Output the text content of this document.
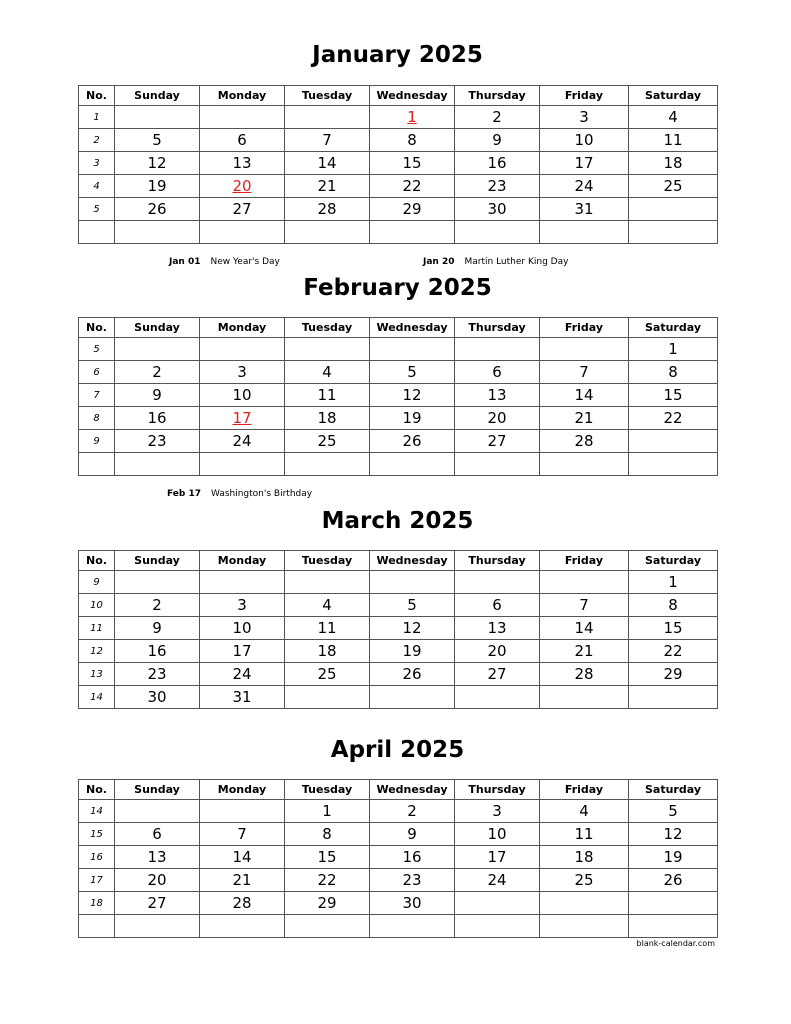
January 2025
No.	Sunday	Monday	Tuesday	Wednesday	Thursday	Friday	Saturday
1				1	2	3	4
2	5	6	7	8	9	10	11
3	12	13	14	15	16	17	18
4	19	20	21	22	23	24	25
5	26	27	28	29	30	31	

Jan 01 New Year's Day	Jan 20 Martin Luther King Day
February 2025
No.	Sunday	Monday	Tuesday	Wednesday	Thursday	Friday	Saturday
5							1
6	2	3	4	5	6	7	8
7	9	10	11	12	13	14	15
8	16	17	18	19	20	21	22
9	23	24	25	26	27	28	

Feb 17 Washington's Birthday
March 2025
No.	Sunday	Monday	Tuesday	Wednesday	Thursday	Friday	Saturday
9							1
10	2	3	4	5	6	7	8
11	9	10	11	12	13	14	15
12	16	17	18	19	20	21	22
13	23	24	25	26	27	28	29
14	30	31					
April 2025
No.	Sunday	Monday	Tuesday	Wednesday	Thursday	Friday	Saturday
14			1	2	3	4	5
15	6	7	8	9	10	11	12
16	13	14	15	16	17	18	19
17	20	21	22	23	24	25	26
18	27	28	29	30			

blank-calendar.com
